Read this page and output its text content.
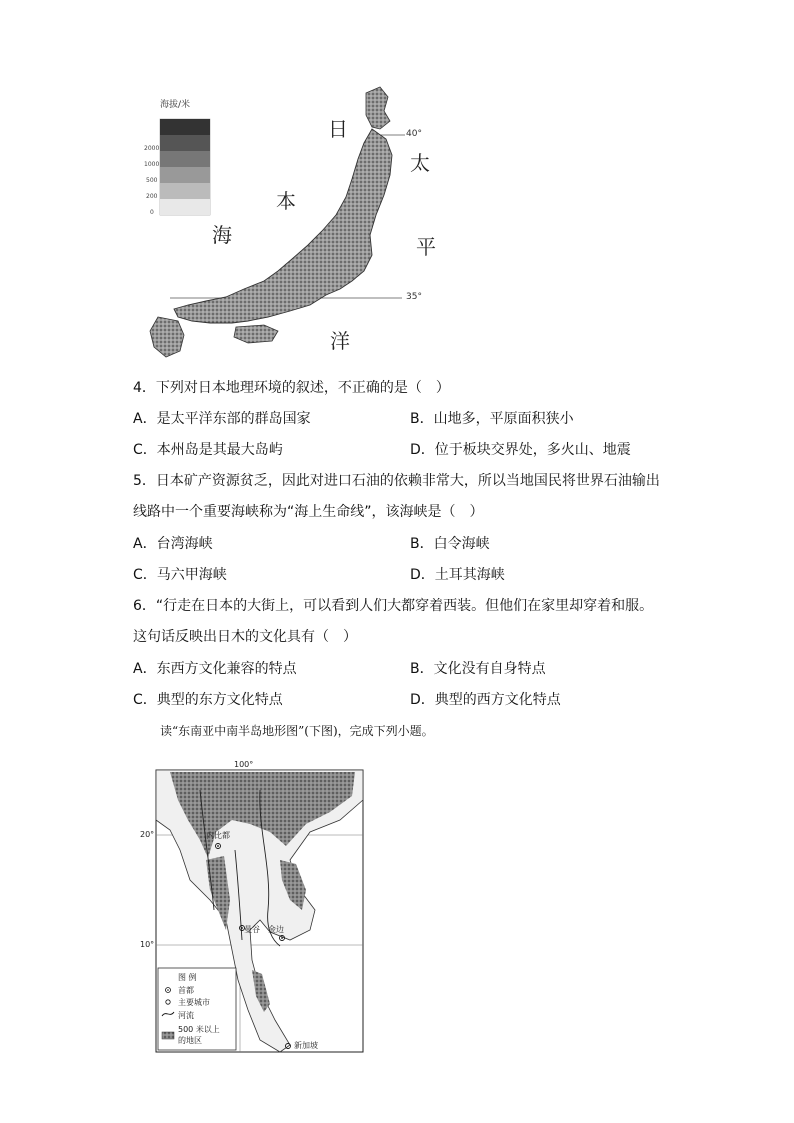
海拔/米
2000
1000
500
200
0
日
本
海
太
平
洋
40°
35°
4．下列对日本地理环境的叙述，不正确的是（　）
A．是太平洋东部的群岛国家	B．山地多，平原面积狭小
C．本州岛是其最大岛屿	D．位于板块交界处，多火山、地震
5．日本矿产资源贫乏，因此对进口石油的依赖非常大，所以当地国民将世界石油输出
线路中一个重要海峡称为“海上生命线”，该海峡是（　）
A．台湾海峡	B．白令海峡
C．马六甲海峡	D．土耳其海峡
6．“行走在日本的大街上，可以看到人们大都穿着西装。但他们在家里却穿着和服。
这句话反映出日木的文化具有（　）
A．东西方文化兼容的特点	B．文化没有自身特点
C．典型的东方文化特点	D．典型的西方文化特点
读“东南亚中南半岛地形图”(下图)，完成下列小题。
100°
20°
10°
内比都
曼谷 金边
新加坡
图 例
首都
主要城市
河流
500 米以上
的地区
